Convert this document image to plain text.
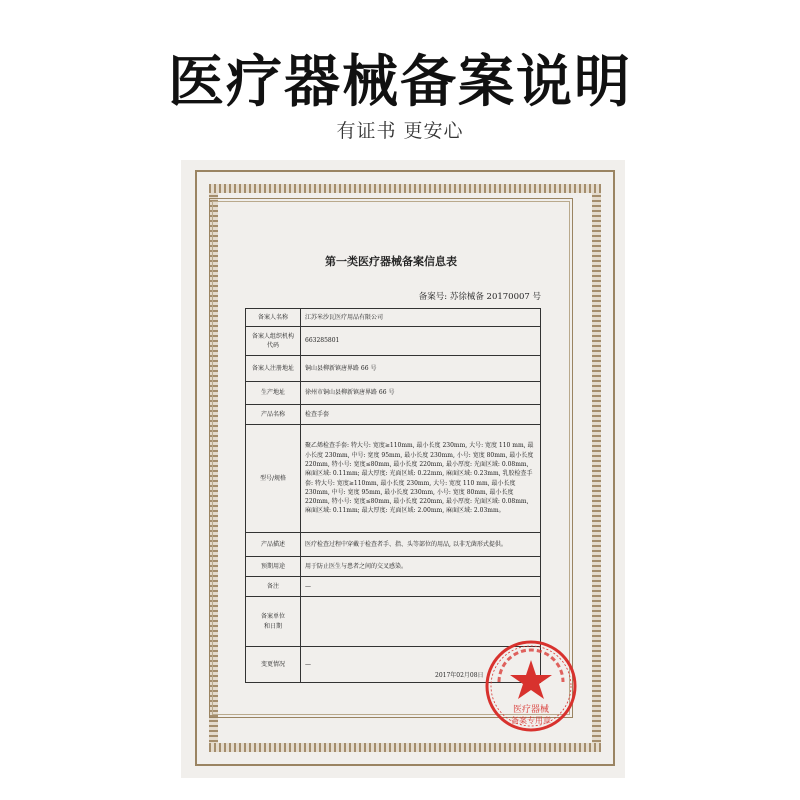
医疗器械备案说明
有证书 更安心
第一类医疗器械备案信息表
备案号: 苏徐械备 20170007 号
备案人名称	江苏米沙瓦医疗用品有限公司

备案人组织机构
代码	663285801

备案人注册地址	铜山县柳新镇唐界路 66 号

生产地址	徐州市铜山县柳新镇唐界路 66 号

产品名称	检查手套

型号/规格	聚乙烯检查手套: 特大号: 宽度≥110mm, 最小长度 230mm, 大号: 宽度 110 mm, 最小长度 230mm, 中号: 宽度 95mm, 最小长度 230mm, 小号: 宽度 80mm, 最小长度 220mm, 特小号: 宽度≤80mm, 最小长度 220mm, 最小厚度: 光面区域: 0.08mm, 麻面区域: 0.11mm; 最大厚度: 光面区域: 0.22mm, 麻面区域: 0.23mm, 乳胶检查手套: 特大号: 宽度≥110mm, 最小长度 230mm, 大号: 宽度 110 mm, 最小长度 230mm, 中号: 宽度 95mm, 最小长度 230mm, 小号: 宽度 80mm, 最小长度 220mm, 特小号: 宽度≤80mm, 最小长度 220mm, 最小厚度: 光面区域: 0.08mm, 麻面区域: 0.11mm; 最大厚度: 光面区域: 2.00mm, 麻面区域: 2.03mm。

产品描述	医疗检查过程中穿戴于检查者手、指、头等部位的用品, 以非无菌形式提供。

预期用途	用于防止医生与患者之间的交叉感染。

备注	—

备案单位
和日期	

变更情况	—
医疗器械
备案专用章
2017年02月08日
